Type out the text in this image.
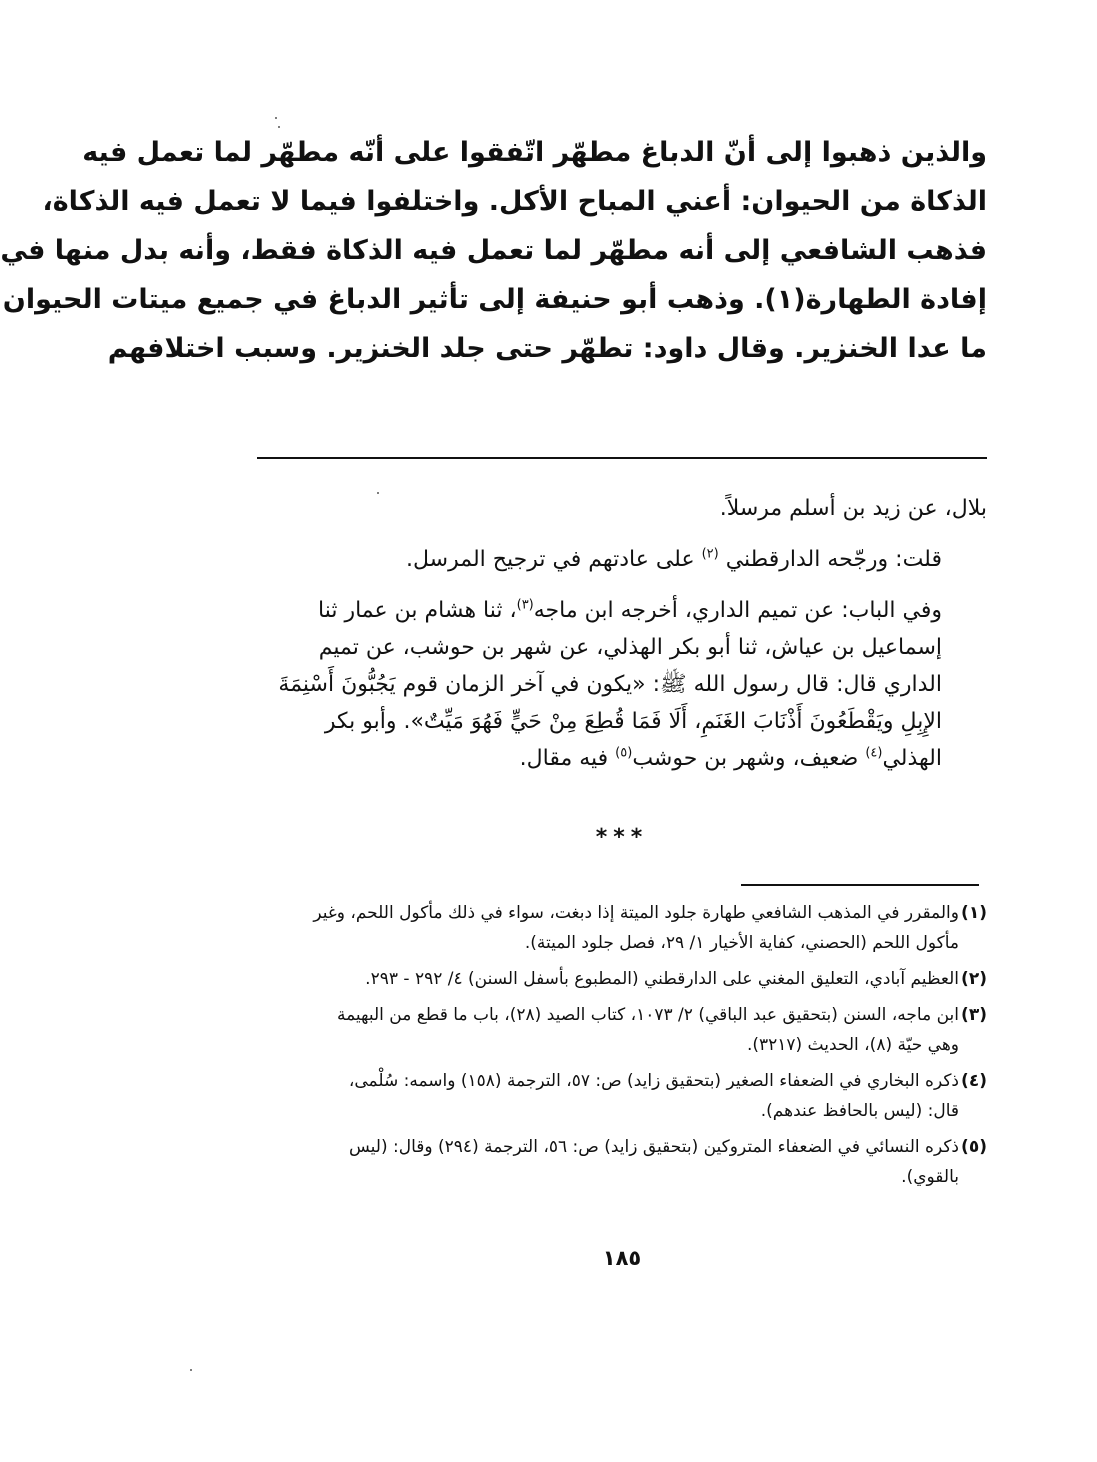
والذين ذهبوا إلى أنّ الدباغ مطهّر اتّفقوا على أنّه مطهّر لما تعمل فيه
الذكاة من الحيوان: أعني المباح الأكل. واختلفوا فيما لا تعمل فيه الذكاة،
فذهب الشافعي إلى أنه مطهّر لما تعمل فيه الذكاة فقط، وأنه بدل منها في
إفادة الطهارة(١). وذهب أبو حنيفة إلى تأثير الدباغ في جميع ميتات الحيوان
ما عدا الخنزير. وقال داود: تطهّر حتى جلد الخنزير. وسبب اختلافهم

بلال، عن زيد بن أسلم مرسلاً.

قلت: ورجّحه الدارقطني $^{(٢)}$ على عادتهم في ترجيح المرسل.

وفي الباب: عن تميم الداري، أخرجه ابن ماجه$^{(٣)}$، ثنا هشام بن عمار ثنا إسماعيل بن عياش، ثنا أبو بكر الهذلي، عن شهر بن حوشب، عن تميم الداري قال: قال رسول الله ﷺ: «يكون في آخر الزمان قوم يَجُبُّونَ أَسْنِمَةَ الإِبِلِ ويَقْطَعُونَ أَذْنَابَ الغَنَمِ، أَلَا فَمَا قُطِعَ مِنْ حَيٍّ فَهُوَ مَيِّتٌ». وأبو بكر الهذلي$^{(٤)}$ ضعيف، وشهر بن حوشب$^{(٥)}$ فيه مقال.

***
(١)
والمقرر في المذهب الشافعي طهارة جلود الميتة إذا دبغت، سواء في ذلك مأكول اللحم، وغير
مأكول اللحم (الحصني، كفاية الأخيار ١/ ٢٩، فصل جلود الميتة).
(٢)
العظيم آبادي، التعليق المغني على الدارقطني (المطبوع بأسفل السنن) ٤/ ٢٩٢ - ٢٩٣.
(٣)
ابن ماجه، السنن (بتحقيق عبد الباقي) ٢/ ١٠٧٣، كتاب الصيد (٢٨)، باب ما قطع من البهيمة
وهي حيّة (٨)، الحديث (٣٢١٧).
(٤)
ذكره البخاري في الضعفاء الصغير (بتحقيق زايد) ص: ٥٧، الترجمة (١٥٨) واسمه: سُلْمى،
قال: (ليس بالحافظ عندهم).
(٥)
ذكره النسائي في الضعفاء المتروكين (بتحقيق زايد) ص: ٥٦، الترجمة (٢٩٤) وقال: (ليس
بالقوي).
١٨٥
